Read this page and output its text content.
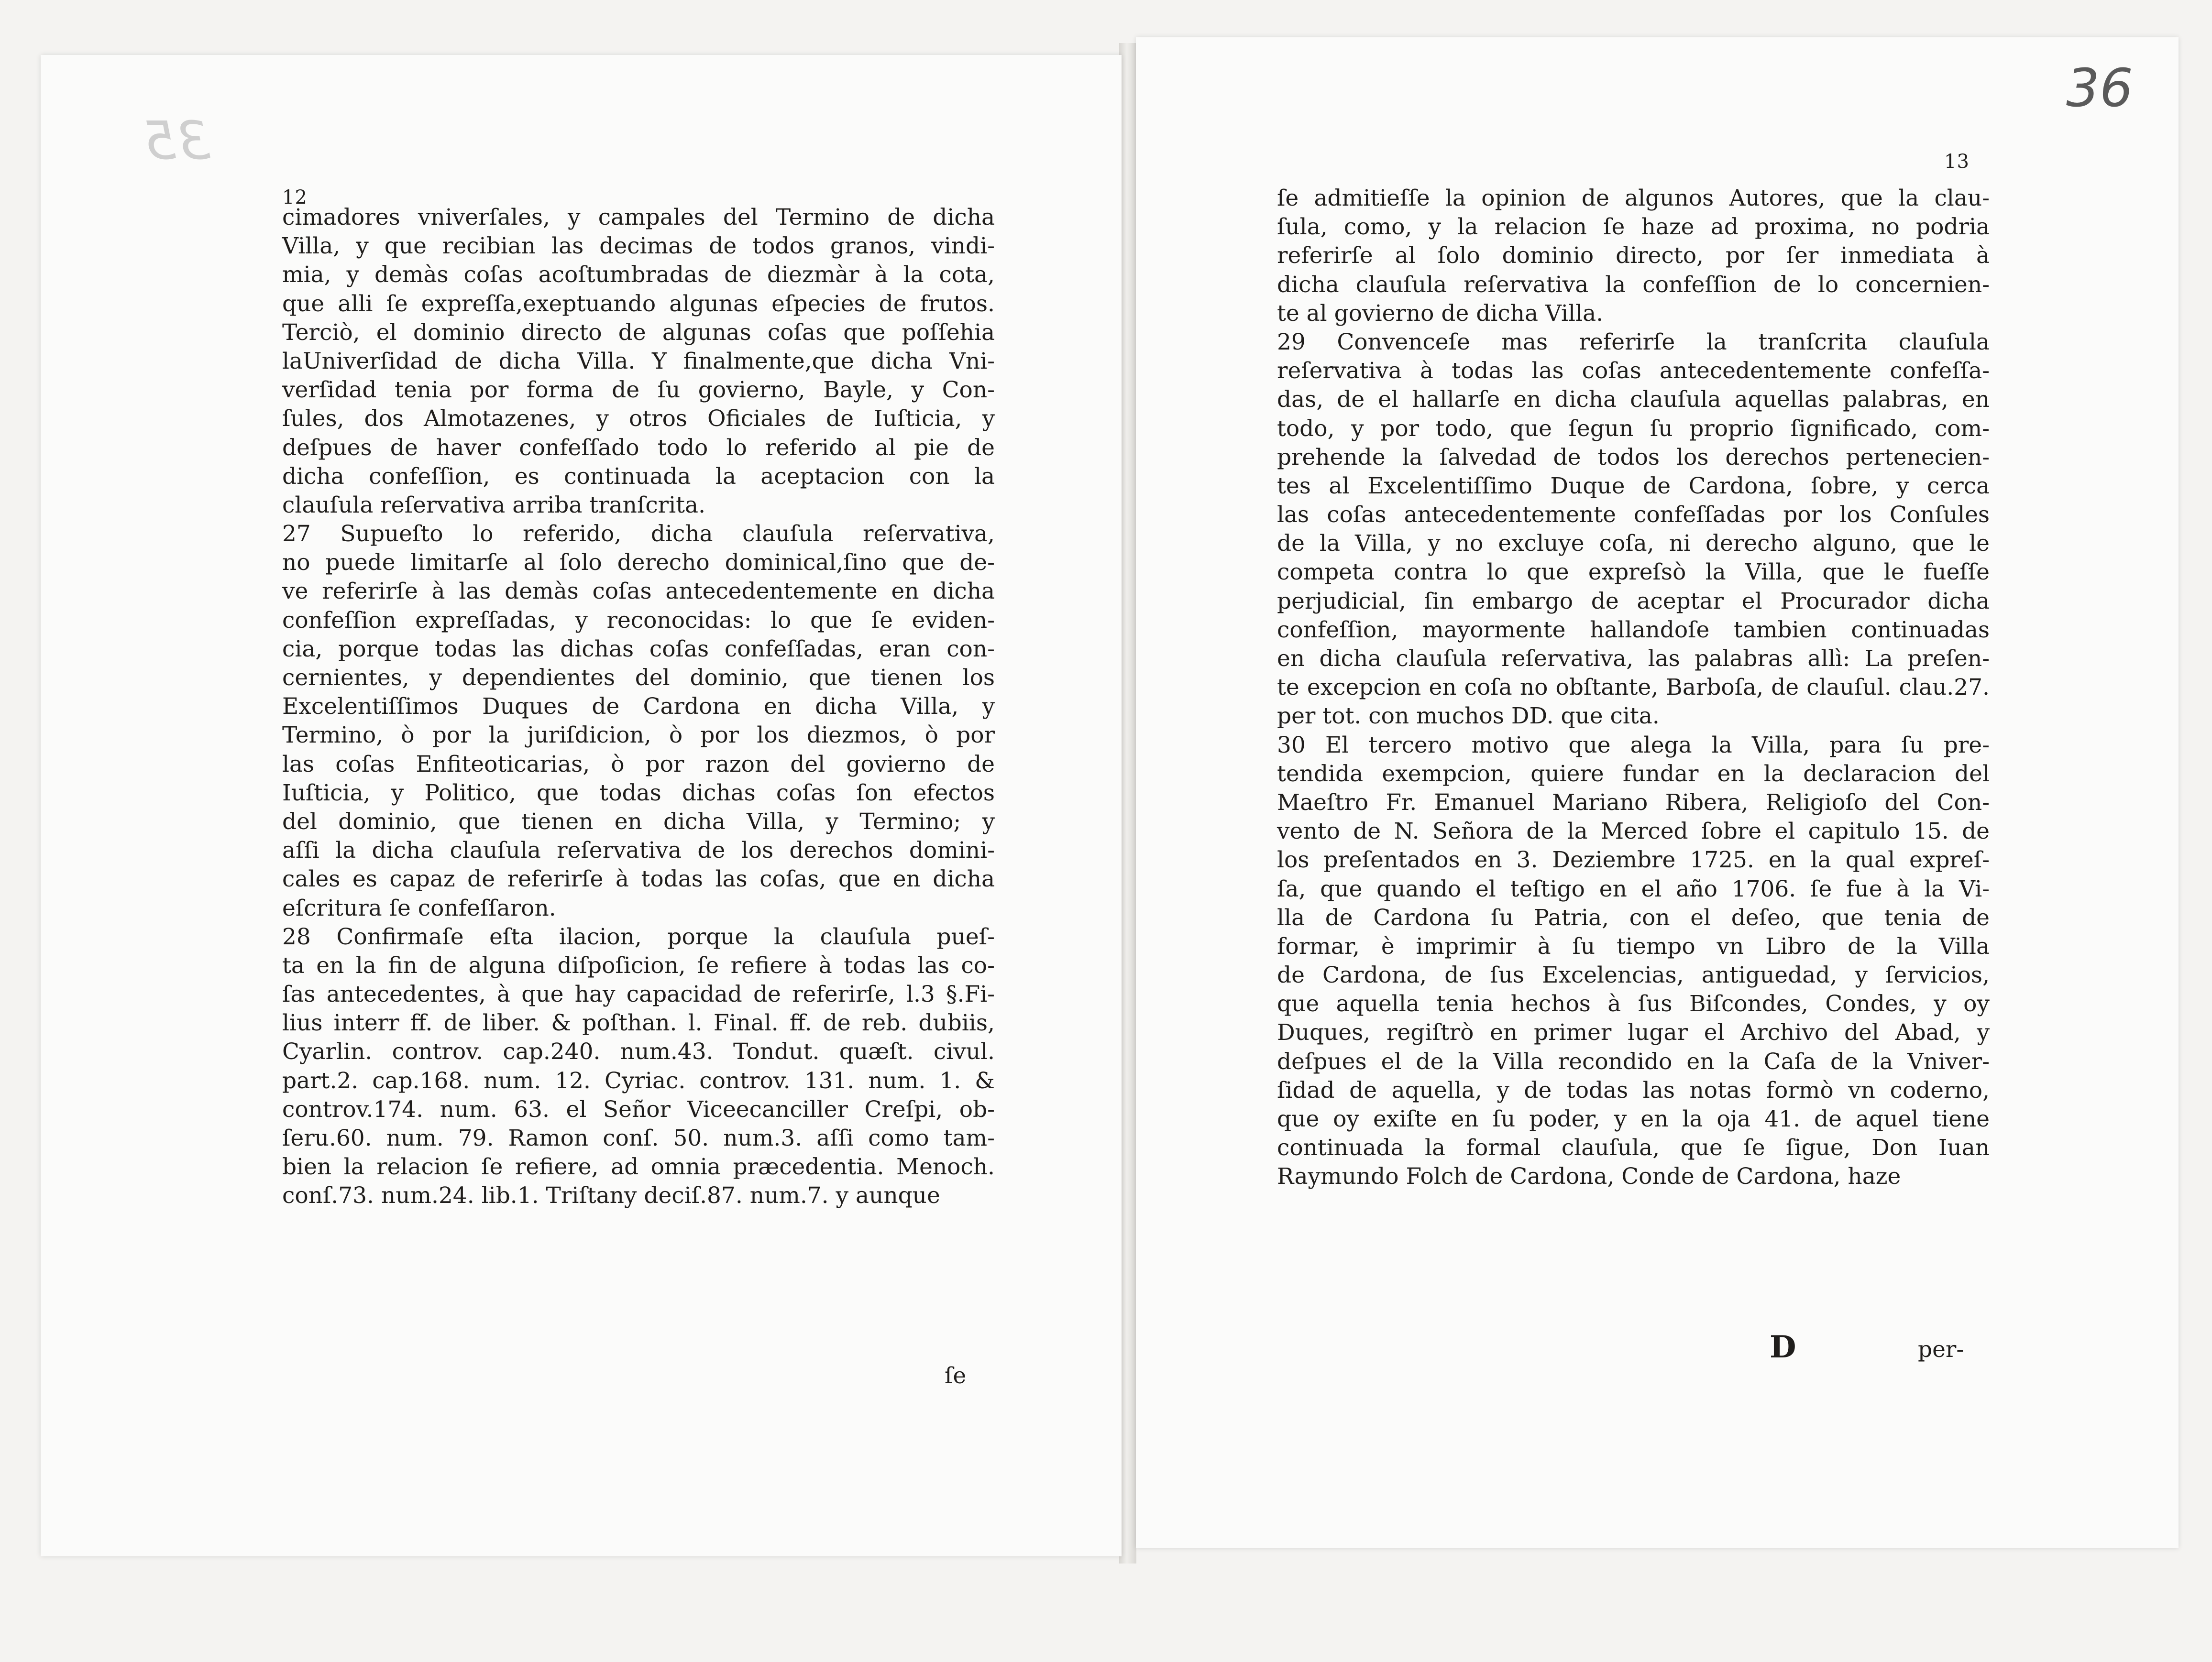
35
36
12
13
cimadores vniverſales, y campales del Termino de dicha
Villa, y que recibian las decimas de todos granos, vindi-
mia, y demàs coſas acoſtumbradas de diezmàr à la cota,
que alli ſe expreſſa,exeptuando algunas eſpecies de frutos.
Terciò, el dominio directo de algunas coſas que poſſehia
laUniverſidad de dicha Villa. Y finalmente,que dicha Vni-
verſidad tenia por forma de ſu govierno, Bayle, y Con-
ſules, dos Almotazenes, y otros Oficiales de Iuſticia, y
deſpues de haver confeſſado todo lo referido al pie de
dicha confeſſion, es continuada la aceptacion con la
clauſula reſervativa arriba tranſcrita.
27 Supueſto lo referido, dicha clauſula reſervativa,
no puede limitarſe al ſolo derecho dominical,ſino que de-
ve referirſe à las demàs coſas antecedentemente en dicha
confeſſion expreſſadas, y reconocidas: lo que ſe eviden-
cia, porque todas las dichas coſas confeſſadas, eran con-
cernientes, y dependientes del dominio, que tienen los
Excelentiſſimos Duques de Cardona en dicha Villa, y
Termino, ò por la juriſdicion, ò por los diezmos, ò por
las coſas Enfiteoticarias, ò por razon del govierno de
Iuſticia, y Politico, que todas dichas coſas ſon efectos
del dominio, que tienen en dicha Villa, y Termino; y
aſſi la dicha clauſula reſervativa de los derechos domini-
cales es capaz de referirſe à todas las coſas, que en dicha
eſcritura ſe confeſſaron.
28 Confirmaſe eſta ilacion, porque la clauſula pueſ-
ta en la fin de alguna diſpoſicion, ſe refiere à todas las co-
ſas antecedentes, à que hay capacidad de referirſe, l.3 §.Fi-
lius interr ff. de liber. & poſthan. l. Final. ff. de reb. dubiis,
Cyarlin. controv. cap.240. num.43. Tondut. quæſt. civul.
part.2. cap.168. num. 12. Cyriac. controv. 131. num. 1. &
controv.174. num. 63. el Señor Viceecanciller Creſpi, ob-
ſeru.60. num. 79. Ramon conſ. 50. num.3. aſſi como tam-
bien la relacion ſe refiere, ad omnia præcedentia. Menoch.
conſ.73. num.24. lib.1. Triſtany deciſ.87. num.7. y aunque
ſe admitieſſe la opinion de algunos Autores, que la clau-
ſula, como, y la relacion ſe haze ad proxima, no podria
referirſe al ſolo dominio directo, por ſer inmediata à
dicha clauſula reſervativa la confeſſion de lo concernien-
te al govierno de dicha Villa.
29 Convenceſe mas referirſe la tranſcrita clauſula
reſervativa à todas las coſas antecedentemente confeſſa-
das, de el hallarſe en dicha clauſula aquellas palabras, en
todo, y por todo, que ſegun ſu proprio ſignificado, com-
prehende la ſalvedad de todos los derechos pertenecien-
tes al Excelentiſſimo Duque de Cardona, ſobre, y cerca
las coſas antecedentemente confeſſadas por los Conſules
de la Villa, y no excluye coſa, ni derecho alguno, que le
competa contra lo que expreſsò la Villa, que le fueſſe
perjudicial, ſin embargo de aceptar el Procurador dicha
confeſſion, mayormente hallandoſe tambien continuadas
en dicha clauſula reſervativa, las palabras allì: La preſen-
te excepcion en coſa no obſtante, Barboſa, de clauſul. clau.27.
per tot. con muchos DD. que cita.
30 El tercero motivo que alega la Villa, para ſu pre-
tendida exempcion, quiere fundar en la declaracion del
Maeſtro Fr. Emanuel Mariano Ribera, Religioſo del Con-
vento de N. Señora de la Merced ſobre el capitulo 15. de
los preſentados en 3. Deziembre 1725. en la qual expreſ-
ſa, que quando el teſtigo en el año 1706. ſe fue à la Vi-
lla de Cardona ſu Patria, con el deſeo, que tenia de
formar, è imprimir à ſu tiempo vn Libro de la Villa
de Cardona, de ſus Excelencias, antiguedad, y ſervicios,
que aquella tenia hechos à ſus Biſcondes, Condes, y oy
Duques, regiſtrò en primer lugar el Archivo del Abad, y
deſpues el de la Villa recondido en la Caſa de la Vniver-
ſidad de aquella, y de todas las notas formò vn coderno,
que oy exiſte en ſu poder, y en la oja 41. de aquel tiene
continuada la formal clauſula, que ſe ſigue, Don Iuan
Raymundo Folch de Cardona, Conde de Cardona, haze
ſe
D	per-
